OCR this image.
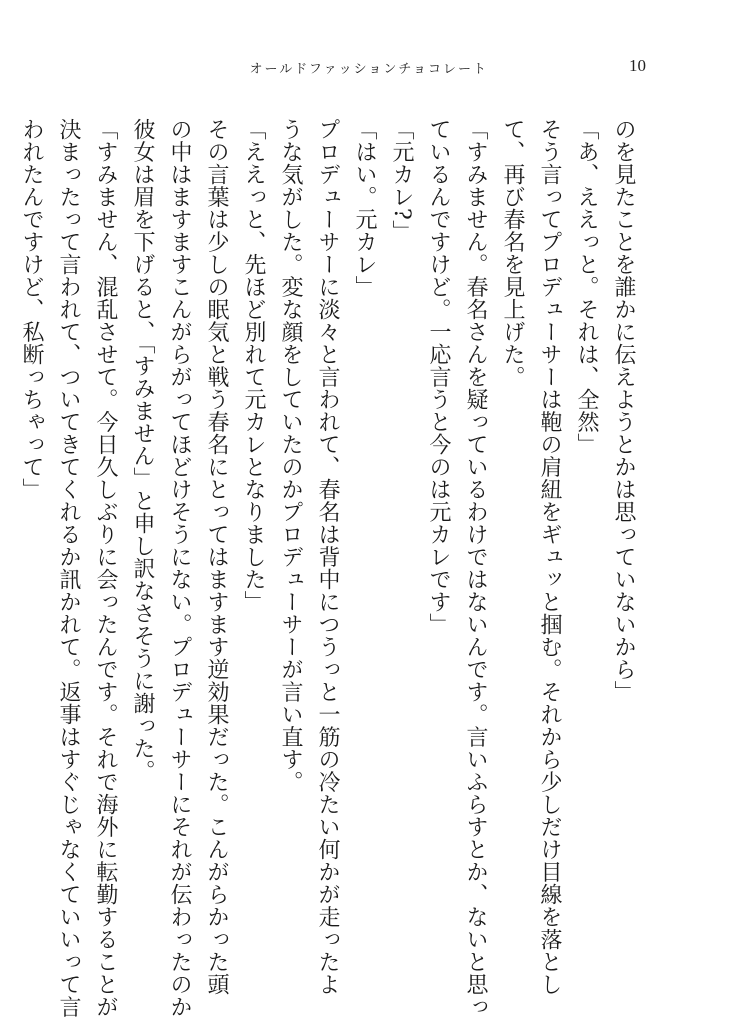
オールドファッションチョコレート	10
のを見たことを誰かに伝えようとかは思っていないから」
「あ、ええっと。それは、全然」
そう言ってプロデューサーは鞄の肩紐をギュッと掴む。それから少しだけ目線を落とし
て、再び春名を見上げた。
「すみません。春名さんを疑っているわけではないんです。言いふらすとか、ないと思っ
ているんですけど。一応言うと今のは元カレです」
「元カレ?」
「はい。元カレ」
プロデューサーに淡々と言われて、春名は背中につうっと一筋の冷たい何かが走ったよ
うな気がした。変な顔をしていたのかプロデューサーが言い直す。
「ええっと、先ほど別れて元カレとなりました」
その言葉は少しの眠気と戦う春名にとってはますます逆効果だった。こんがらかった頭
の中はますますこんがらがってほどけそうにない。プロデューサーにそれが伝わったのか
彼女は眉を下げると、「すみません」と申し訳なさそうに謝った。
「すみません、混乱させて。今日久しぶりに会ったんです。それで海外に転勤することが
決まったって言われて、ついてきてくれるか訊かれて。返事はすぐじゃなくていいって言
われたんですけど、私断っちゃって」
